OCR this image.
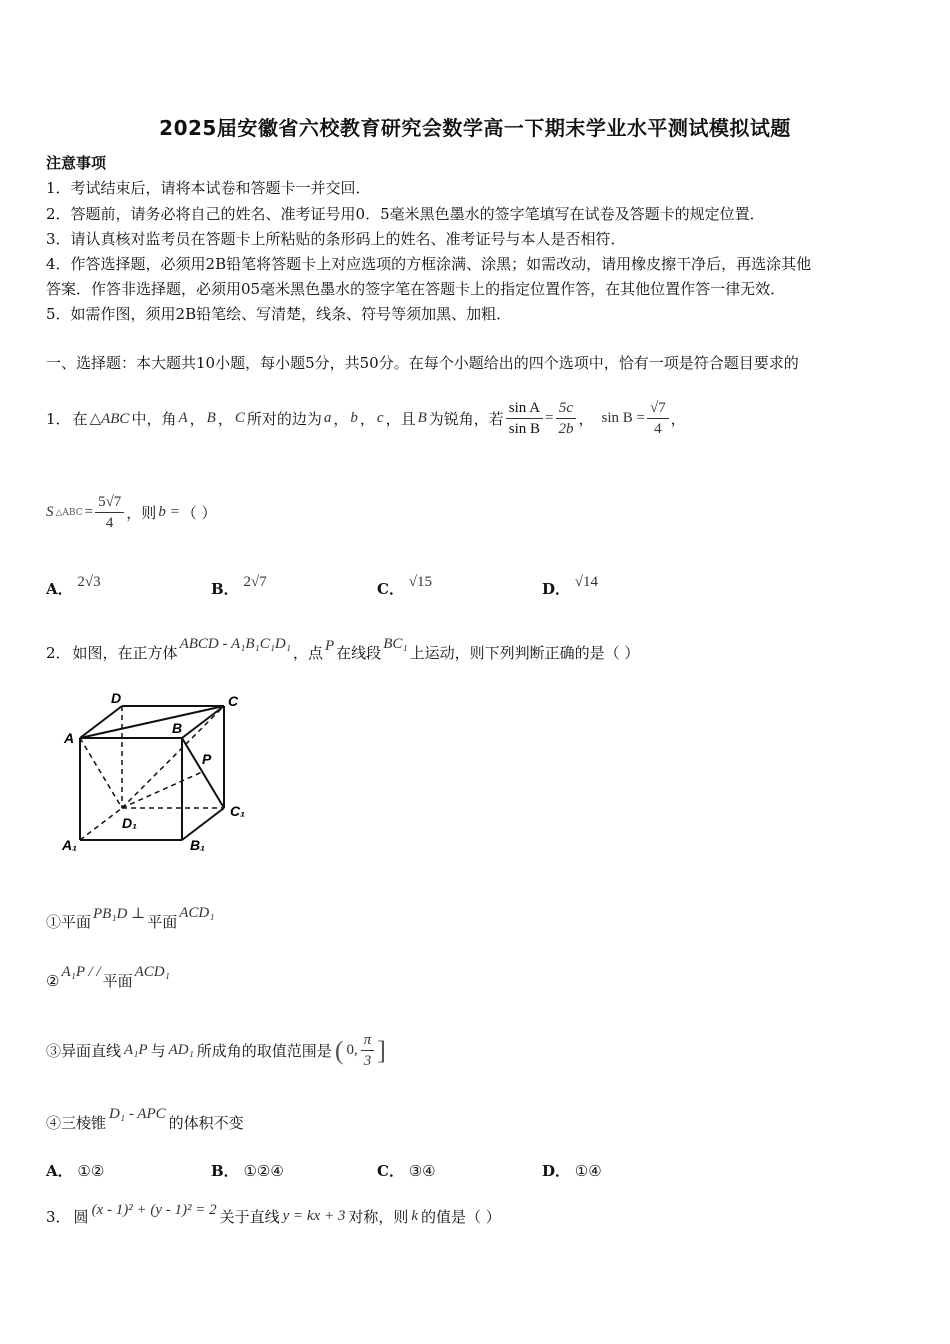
2025届安徽省六校教育研究会数学高一下期末学业水平测试模拟试题
注意事项
1．考试结束后，请将本试卷和答题卡一并交回．
2．答题前，请务必将自己的姓名、准考证号用0．5毫米黑色墨水的签字笔填写在试卷及答题卡的规定位置．
3．请认真核对监考员在答题卡上所粘贴的条形码上的姓名、准考证号与本人是否相符．
4．作答选择题，必须用2B铅笔将答题卡上对应选项的方框涂满、涂黑；如需改动，请用橡皮擦干净后，再选涂其他
答案．作答非选择题，必须用05毫米黑色墨水的签字笔在答题卡上的指定位置作答，在其他位置作答一律无效．
5．如需作图，须用2B铅笔绘、写清楚，线条、符号等须加黑、加粗．
一、选择题：本大题共10小题，每小题5分，共50分。在每个小题给出的四个选项中，恰有一项是符合题目要求的
1． 在 △ABC 中，角 A ， B ， C 所对的边为 a ， b ， c ，且 B 为锐角，若 $\frac{\text{sin A}}{\text{sin B}} = \frac{5c}{2b}$ ， $\sin B = \frac{√7}{4}$ ，
S △ABC = $\frac{5√7}{4}$ ，则 b = （ ）
A． 2√3	B． 2√7	C． √15	D． √14
2． 如图，在正方体 ABCD - A₁B₁C₁D₁ ，点 P 在线段 BC₁ 上运动，则下列判断正确的是（ ）
D	C
A
B
P
D₁
C₁
A₁	B₁
①平面 PB₁D ⊥ 平面 ACD₁
② A₁P / / 平面 ACD₁
③异面直线 A₁P 与 AD₁ 所成角的取值范围是 ( 0, $\frac{\pi}{3}$ ]
④三棱锥 D₁ - APC 的体积不变
A． ①②	B． ①②④	C． ③④	D． ①④
3． 圆 (x - 1)² + (y - 1)² = 2 关于直线 y = kx + 3 对称，则 k 的值是（ ）
